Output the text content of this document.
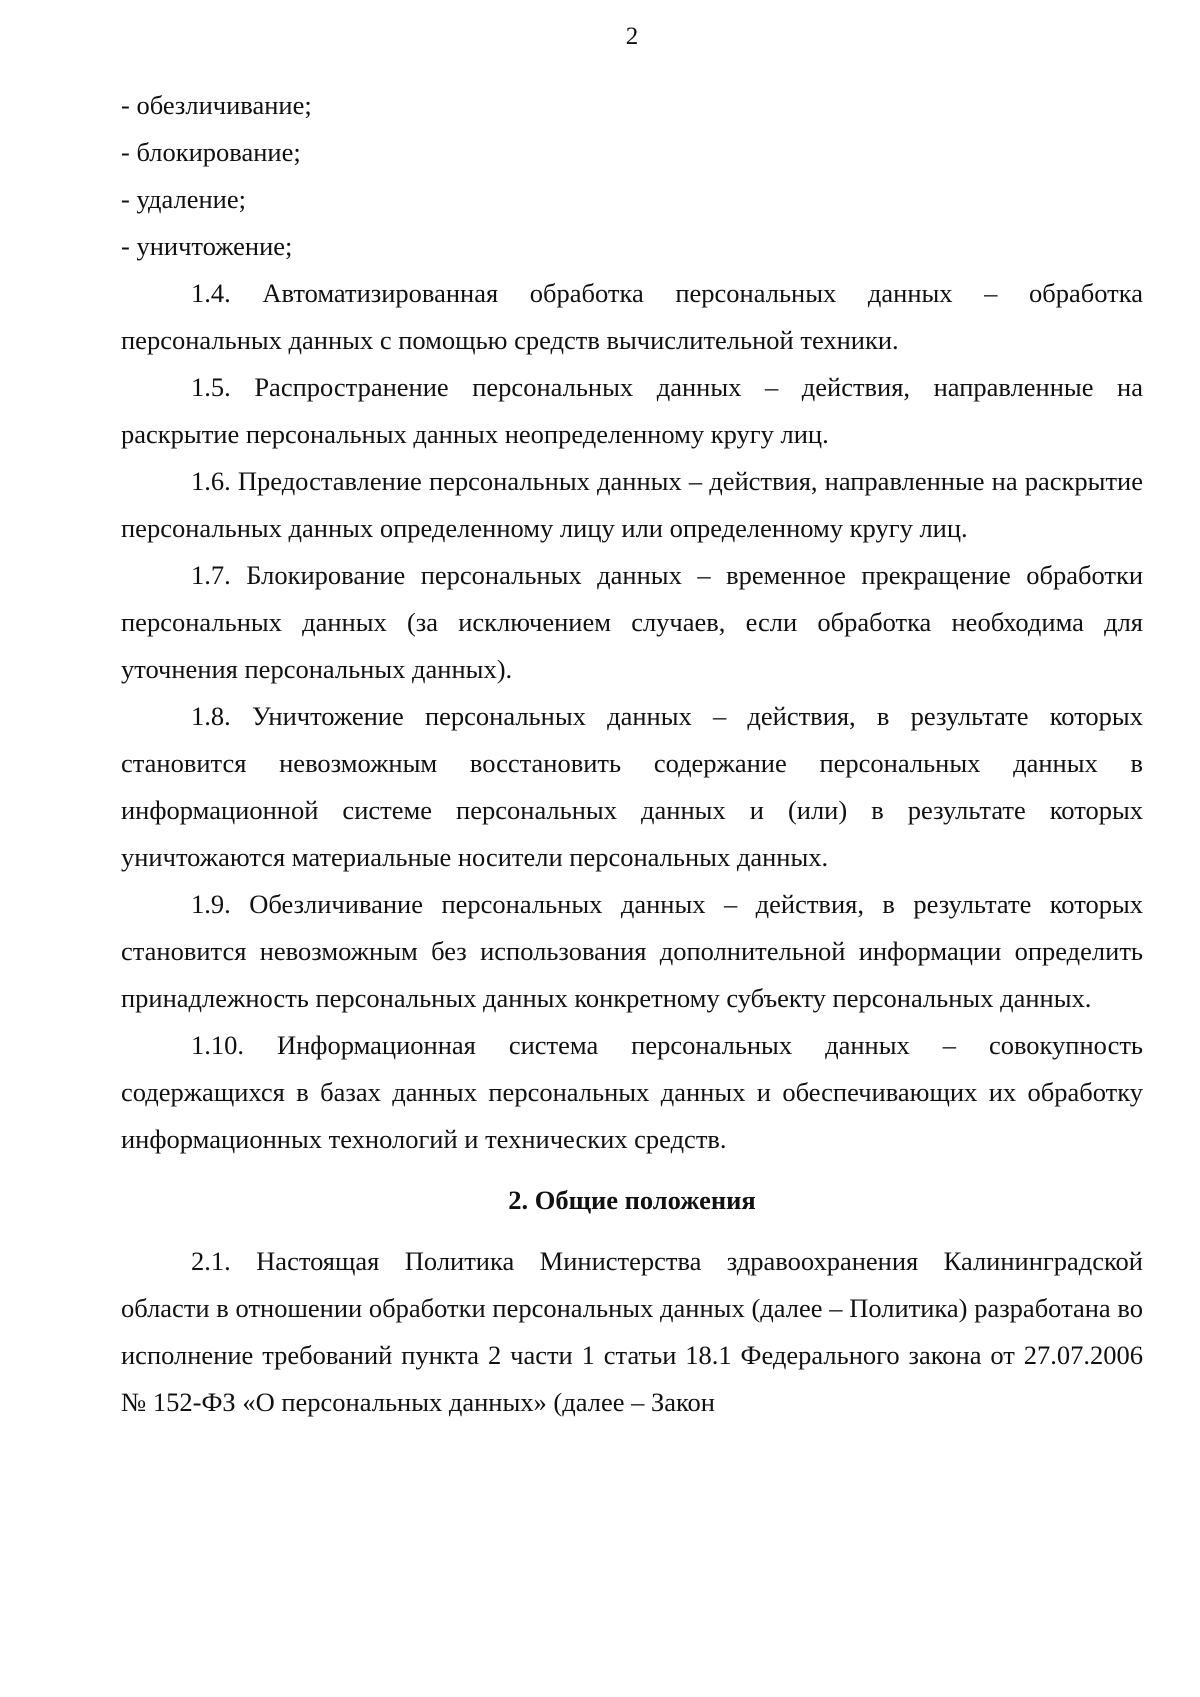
2

- обезличивание;

- блокирование;

- удаление;

- уничтожение;

1.4. Автоматизированная обработка персональных данных – обработка персональных данных с помощью средств вычислительной техники.

1.5. Распространение персональных данных – действия, направленные на раскрытие персональных данных неопределенному кругу лиц.

1.6. Предоставление персональных данных – действия, направленные на раскрытие персональных данных определенному лицу или определенному кругу лиц.

1.7. Блокирование персональных данных – временное прекращение обработки персональных данных (за исключением случаев, если обработка необходима для уточнения персональных данных).

1.8. Уничтожение персональных данных – действия, в результате которых становится невозможным восстановить содержание персональных данных в информационной системе персональных данных и (или) в результате которых уничтожаются материальные носители персональных данных.

1.9. Обезличивание персональных данных – действия, в результате которых становится невозможным без использования дополнительной информации определить принадлежность персональных данных конкретному субъекту персональных данных.

1.10. Информационная система персональных данных – совокупность содержащихся в базах данных персональных данных и обеспечивающих их обработку информационных технологий и технических средств.

2. Общие положения

2.1. Настоящая Политика Министерства здравоохранения Калининградской области в отношении обработки персональных данных (далее – Политика) разработана во исполнение требований пункта 2 части 1 статьи 18.1 Федерального закона от 27.07.2006 № 152-ФЗ «О персональных данных» (далее – Закон
